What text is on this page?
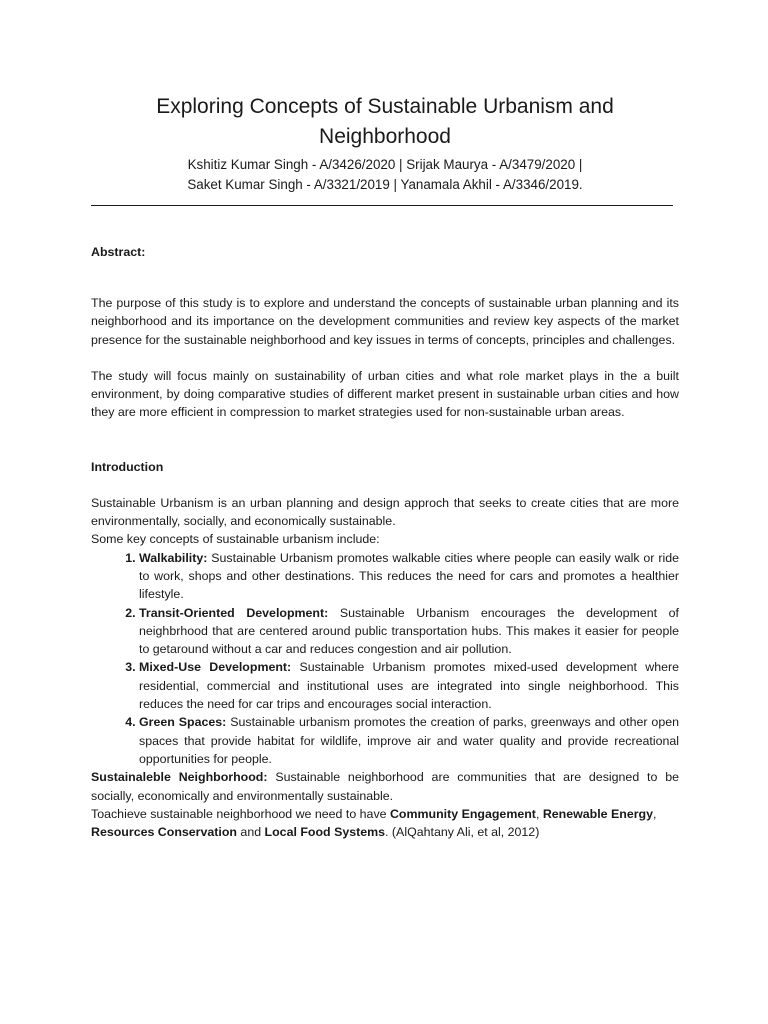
Exploring Concepts of Sustainable Urbanism and Neighborhood
Kshitiz Kumar Singh - A/3426/2020 | Srijak Maurya - A/3479/2020 |
Saket Kumar Singh - A/3321/2019 | Yanamala Akhil - A/3346/2019.
Abstract:

The purpose of this study is to explore and understand the concepts of sustainable urban planning and its neighborhood and its importance on the development communities and review key aspects of the market presence for the sustainable neighborhood and key issues in terms of concepts, principles and challenges.

The study will focus mainly on sustainability of urban cities and what role market plays in the a built environment, by doing comparative studies of different market present in sustainable urban cities and how they are more efficient in compression to market strategies used for non-sustainable urban areas.

Introduction

Sustainable Urbanism is an urban planning and design approch that seeks to create cities that are more environmentally, socially, and economically sustainable.

Some key concepts of sustainable urbanism include:

1. Walkability: Sustainable Urbanism promotes walkable cities where people can easily walk or ride to work, shops and other destinations. This reduces the need for cars and promotes a healthier lifestyle.
2. Transit-Oriented Development: Sustainable Urbanism encourages the development of neighbrhood that are centered around public transportation hubs. This makes it easier for people to getaround without a car and reduces congestion and air pollution.
3. Mixed-Use Development: Sustainable Urbanism promotes mixed-used development where residential, commercial and institutional uses are integrated into single neighborhood. This reduces the need for car trips and encourages social interaction.
4. Green Spaces: Sustainable urbanism promotes the creation of parks, greenways and other open spaces that provide habitat for wildlife, improve air and water quality and provide recreational opportunities for people.

Sustainaleble Neighborhood: Sustainable neighborhood are communities that are designed to be socially, economically and environmentally sustainable.

Toachieve sustainable neighborhood we need to have Community Engagement, Renewable Energy, Resources Conservation and Local Food Systems. (AlQahtany Ali, et al, 2012)
